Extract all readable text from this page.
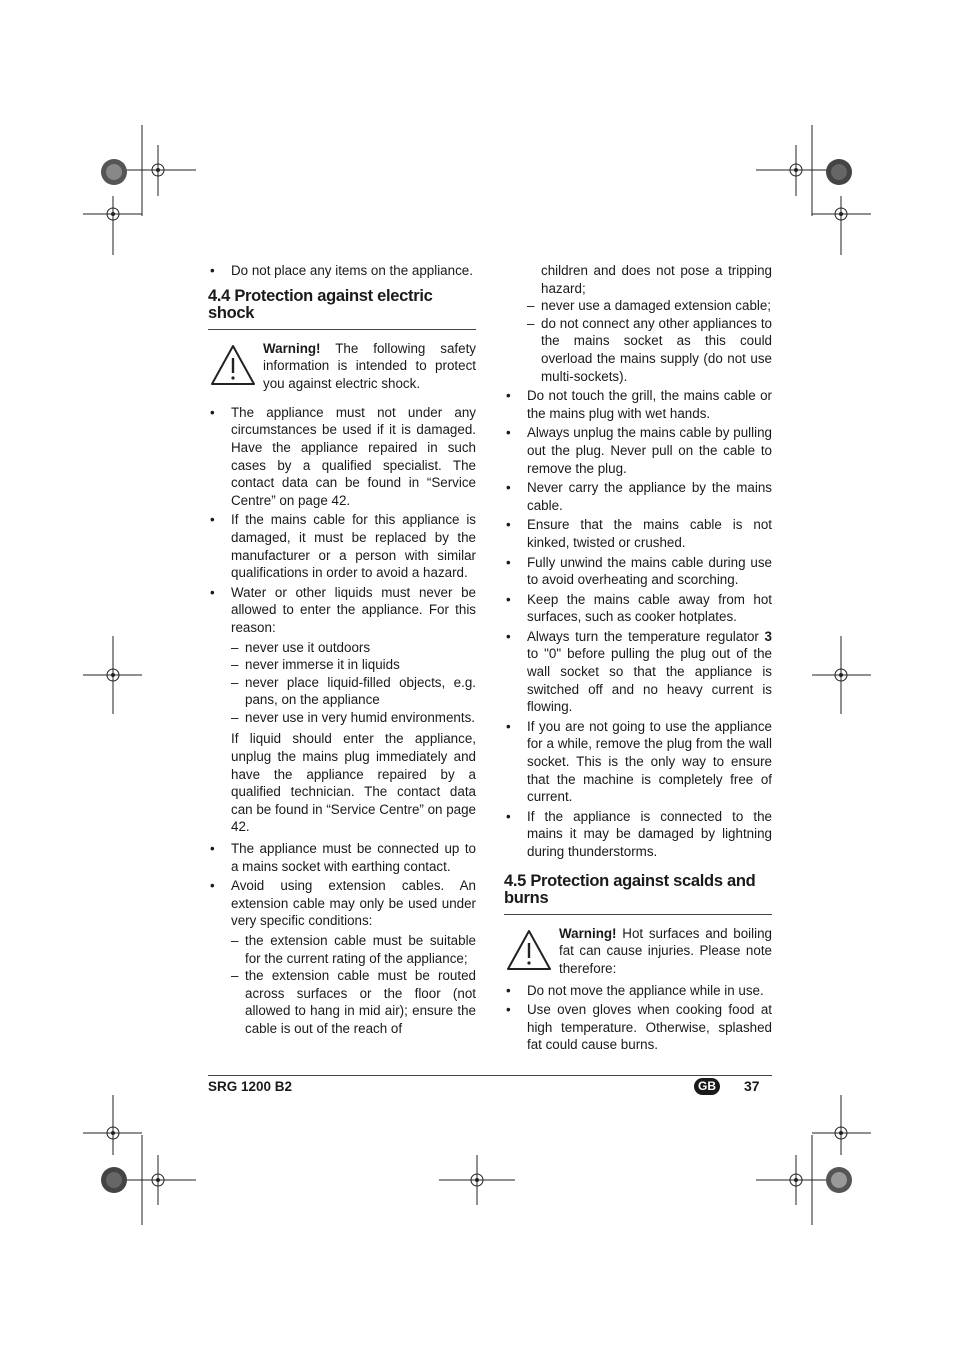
• Do not place any items on the appliance.
4.4 Protection against electric shock
Warning! The following safety information is intended to protect you against electric shock.
• The appliance must not under any circumstances be used if it is damaged. Have the appliance repaired in such cases by a qualified specialist. The contact data can be found in “Service Centre” on page 42.
• If the mains cable for this appliance is damaged, it must be replaced by the manufacturer or a person with similar qualifications in order to avoid a hazard.
• Water or other liquids must never be allowed to enter the appliance. For this reason:
– never use it outdoors
– never immerse it in liquids
– never place liquid-filled objects, e.g. pans, on the appliance
– never use in very humid environments.
If liquid should enter the appliance, unplug the mains plug immediately and have the appliance repaired by a qualified technician. The contact data can be found in “Service Centre” on page 42.
• The appliance must be connected up to a mains socket with earthing contact.
• Avoid using extension cables. An extension cable may only be used under very specific conditions:
– the extension cable must be suitable for the current rating of the appliance;
– the extension cable must be routed across surfaces or the floor (not allowed to hang in mid air); ensure the cable is out of the reach of
children and does not pose a tripping hazard;
– never use a damaged extension cable;
– do not connect any other appliances to the mains socket as this could overload the mains supply (do not use multi-sockets).
• Do not touch the grill, the mains cable or the mains plug with wet hands.
• Always unplug the mains cable by pulling out the plug. Never pull on the cable to remove the plug.
• Never carry the appliance by the mains cable.
• Ensure that the mains cable is not kinked, twisted or crushed.
• Fully unwind the mains cable during use to avoid overheating and scorching.
• Keep the mains cable away from hot surfaces, such as cooker hotplates.
• Always turn the temperature regulator 3 to "0" before pulling the plug out of the wall socket so that the appliance is switched off and no heavy current is flowing.
• If you are not going to use the appliance for a while, remove the plug from the wall socket. This is the only way to ensure that the machine is completely free of current.
• If the appliance is connected to the mains it may be damaged by lightning during thunderstorms.
4.5 Protection against scalds and burns
Warning! Hot surfaces and boiling fat can cause injuries. Please note therefore:
• Do not move the appliance while in use.
• Use oven gloves when cooking food at high temperature. Otherwise, splashed fat could cause burns.
SRG 1200 B2	GB 37
